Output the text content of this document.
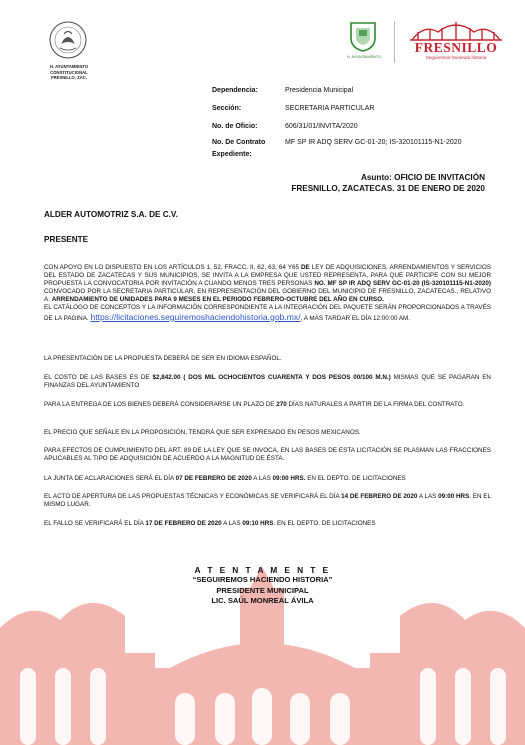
H. AYUNTAMIENTO
CONSTITUCIONAL
FRESNILLO, ZAC.
H. AYUNTAMIENTO
FRESNILLO
Seguiremos haciendo historia
Dependencia:	Presidencia Municipal
Sección:	SECRETARIA PARTICULAR
No. de Oficio:	606/31/01/INVITA/2020
No. De Contrato	MF SP IR ADQ SERV GC-01-20; IS-320101115-N1-2020
Expediente:
Asunto: OFICIO DE INVITACIÓN
FRESNILLO, ZACATECAS. 31 DE ENERO DE 2020
ALDER AUTOMOTRIZ S.A. DE C.V.
PRESENTE
CON APOYO EN LO DISPUESTO EN LOS ARTÍCULOS 1, 52, FRACC. II, 62, 63, 64 Y65 DE LEY DE ADQUISICIONES, ARRENDAMIENTOS Y SERVICIOS DEL ESTADO DE ZACATECAS Y SUS MUNICIPIOS, SE INVITA A LA EMPRESA QUE USTED REPRESENTA, PARA QUE PARTICIPE CON SU MEJOR PROPUESTA LA CONVOCATORIA POR INVITACIÓN A CUANDO MENOS TRES PERSONAS NO. MF SP IR ADQ SERV GC-01-20 (IS-320101115-N1-2020) CONVOCADO POR LA SECRETARIA PARTICULAR, EN REPRESENTACIÓN DEL GOBIERNO DEL MUNICIPIO DE FRESNILLO, ZACATECAS., RELATIVO A: ARRENDAMIENTO DE UNIDADES PARA 9 MESES EN EL PERIODO FEBRERO-OCTUBRE DEL AÑO EN CURSO.
EL CATÁLOGO DE CONCEPTOS Y LA INFORMACIÓN CORRESPONDIENTE A LA INTEGRACIÓN DEL PAQUETE SERÁN PROPORCIONADOS A TRAVÉS DE LA PAGINA. https://licitaciones.seguiremoshaciendohistoria.gob.mx/, A MÁS TARDAR EL DÍA 12:00:00 AM.
LA PRESENTACIÓN DE LA PROPUESTA DEBERÁ DE SER EN IDIOMA ESPAÑOL.
EL COSTO DE LAS BASES ES DE $2,842.00 ( DOS MIL OCHOCIENTOS CUARENTA Y DOS PESOS 00/100 M.N.) MISMAS QUE SE PAGARAN EN FINANZAS DEL AYUNTAMIENTO
PARA LA ENTREGA DE LOS BIENES DEBERÁ CONSIDERARSE UN PLAZO DE 270 DÍAS NATURALES A PARTIR DE LA FIRMA DEL CONTRATO.
EL PRECIO QUE SEÑALE EN LA PROPOSICIÓN, TENDRÁ QUE SER EXPRESADO EN PESOS MEXICANOS.
PARA EFECTOS DE CUMPLIMIENTO DEL ART. 89 DE LA LEY QUE SE INVOCA, EN LAS BASES DE ESTA LICITACIÓN SE PLASMAN LAS FRACCIONES APLICABLES AL TIPO DE ADQUISICIÓN DE ACUERDO A LA MAGNITUD DE ÉSTA.
LA JUNTA DE ACLARACIONES SERÁ EL DÍA 07 DE FEBRERO DE 2020 A LAS 09:00 HRS. EN EL DEPTO. DE LICITACIONES
EL ACTO DE APERTURA DE LAS PROPUESTAS TÉCNICAS Y ECONÓMICAS SE VERIFICARÁ EL DÍA 14 DE FEBRERO DE 2020 A LAS 09:00 HRS. EN EL MISMO LUGAR.
EL FALLO SE VERIFICARÁ EL DÍA 17 DE FEBRERO DE 2020 A LAS 09:10 HRS. EN EL DEPTO. DE LICITACIONES
A T E N T A M E N T E
“SEGUIREMOS HACIENDO HISTORIA”
PRESIDENTE MUNICIPAL
LIC. SAÚL MONREAL ÁVILA
